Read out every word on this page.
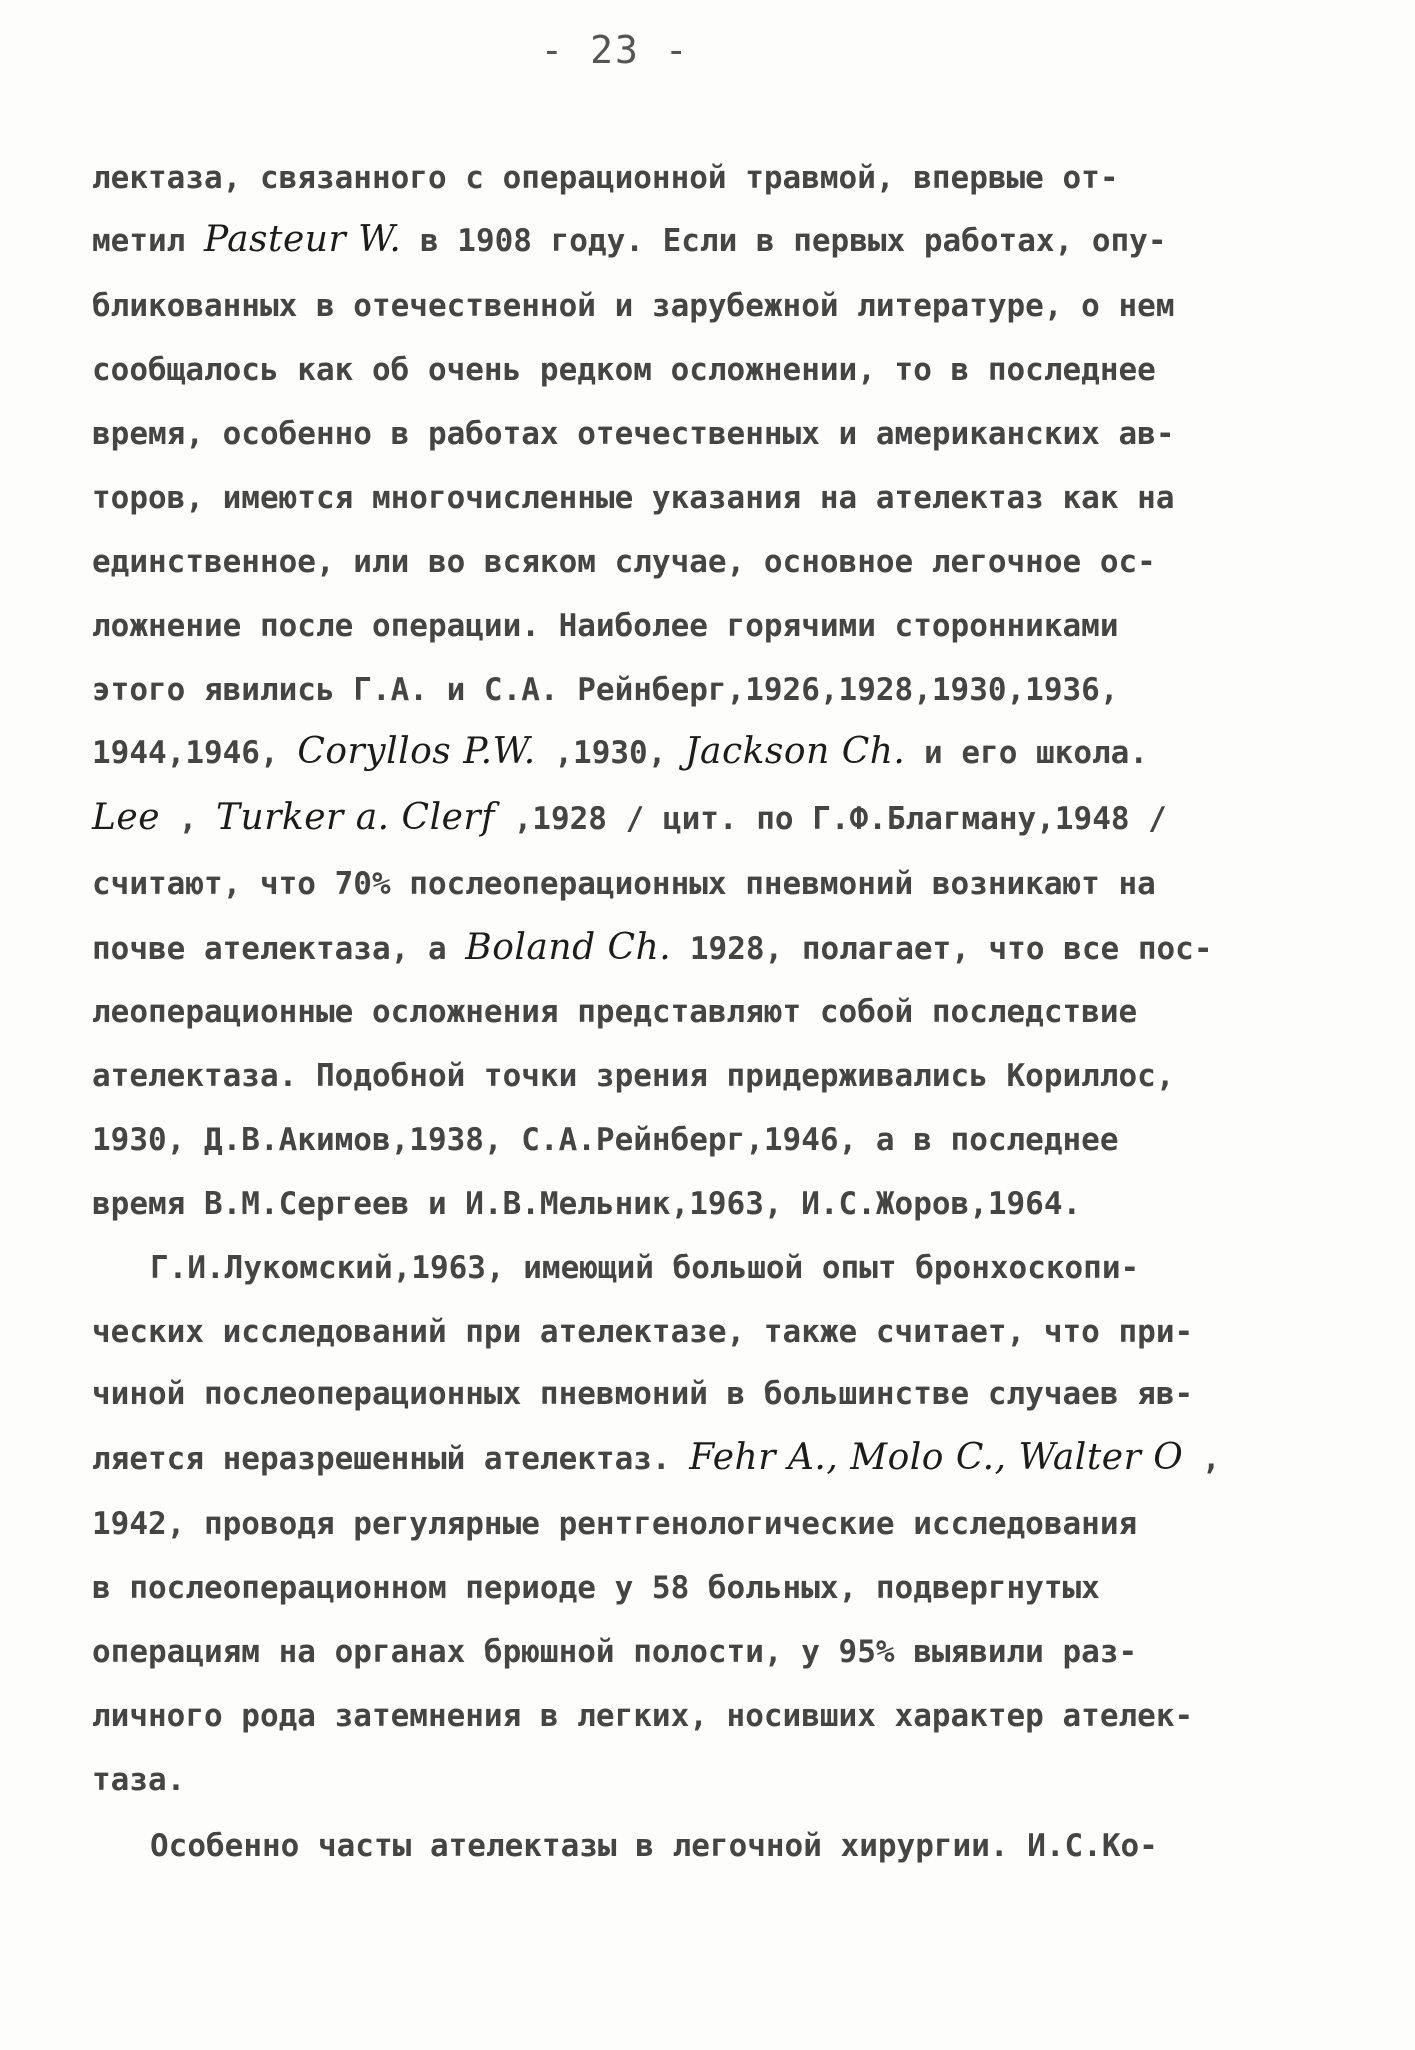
- 23 -
лектаза, связанного с операционной травмой, впервые от-
метил Pasteur W. в 1908 году. Если в первых работах, опу-
бликованных в отечественной и зарубежной литературе, о нем
сообщалось как об очень редком осложнении, то в последнее
время, особенно в работах отечественных и американских ав-
торов, имеются многочисленные указания на ателектаз как на
единственное, или во всяком случае, основное легочное ос-
ложнение после операции. Наиболее горячими сторонниками
этого явились Г.А. и С.А. Рейнберг,1926,1928,1930,1936,
1944,1946, Coryllos P.W. ,1930, Jackson Ch. и его школа.
Lee , Turker a. Clerf ,1928 / цит. по Г.Ф.Благману,1948 /
считают, что 70% послеоперационных пневмоний возникают на
почве ателектаза, а Boland Ch. 1928, полагает, что все пос-
леоперационные осложнения представляют собой последствие
ателектаза. Подобной точки зрения придерживались Кориллос,
1930, Д.В.Акимов,1938, С.А.Рейнберг,1946, а в последнее
время В.М.Сергеев и И.В.Мельник,1963, И.С.Жоров,1964.
Г.И.Лукомский,1963, имеющий большой опыт бронхоскопи-
ческих исследований при ателектазе, также считает, что при-
чиной послеоперационных пневмоний в большинстве случаев яв-
ляется неразрешенный ателектаз. Fehr A., Molo C., Walter O ,
1942, проводя регулярные рентгенологические исследования
в послеоперационном периоде у 58 больных, подвергнутых
операциям на органах брюшной полости, у 95% выявили раз-
личного рода затемнения в легких, носивших характер ателек-
таза.
Особенно часты ателектазы в легочной хирургии. И.С.Ко-
